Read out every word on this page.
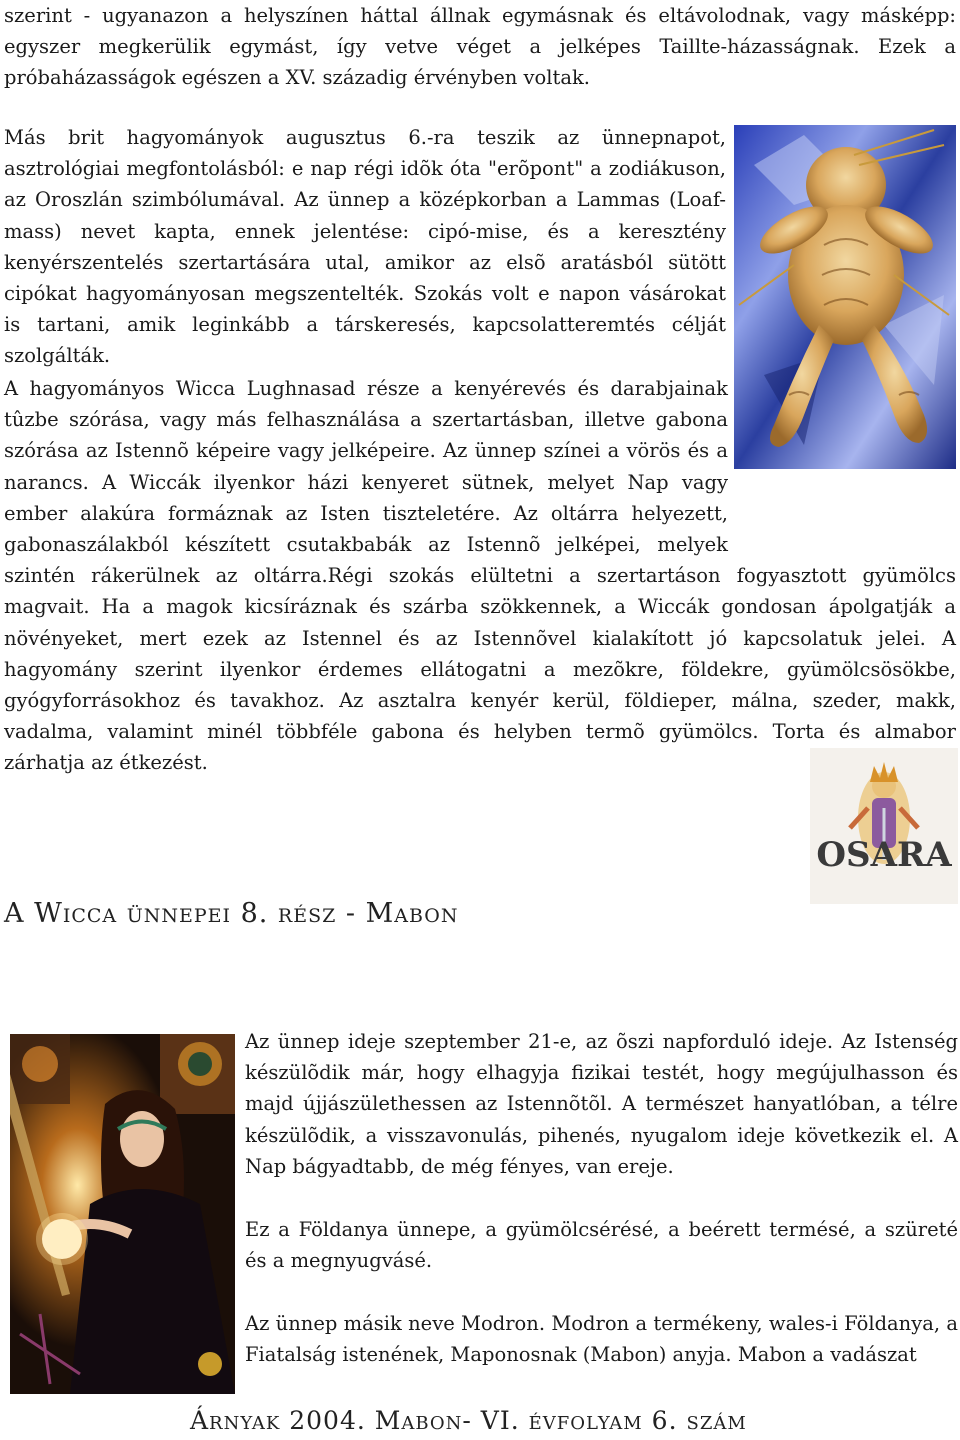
szerint - ugyanazon a helyszínen háttal állnak egymásnak és eltávolodnak, vagy másképp: egyszer megkerülik egymást, így vetve véget a jelképes Taillte-házasságnak. Ezek a próbaházasságok egészen a XV. századig érvényben voltak.

Más brit hagyományok augusztus 6.-ra teszik az ünnepnapot, asztrológiai megfontolásból: e nap régi idõk óta "erõpont" a zodiákuson, az Oroszlán szimbólumával. Az ünnep a középkorban a Lammas (Loaf-mass) nevet kapta, ennek jelentése: cipó-mise, és a keresztény kenyérszentelés szertartására utal, amikor az elsõ aratásból sütött cipókat hagyományosan megszentelték. Szokás volt e napon vásárokat is tartani, amik leginkább a társkeresés, kapcsolatteremtés célját szolgálták.

A hagyományos Wicca Lughnasad része a kenyérevés és darabjainak tûzbe szórása, vagy más felhasználása a szertartásban, illetve gabona szórása az Istennõ képeire vagy jelképeire. Az ünnep színei a vörös és a narancs. A Wiccák ilyenkor házi kenyeret sütnek, melyet Nap vagy ember alakúra formáznak az Isten tiszteletére. Az oltárra helyezett, gabonaszálakból készített csutakbabák az Istennõ jelképei, melyek szintén rákerülnek az oltárra.Régi szokás elültetni a szertartáson fogyasztott gyümölcs magvait. Ha a magok kicsíráznak és szárba szökkennek, a Wiccák gondosan ápolgatják a növényeket, mert ezek az Istennel és az Istennõvel kialakított jó kapcsolatuk jelei. A hagyomány szerint ilyenkor érdemes ellátogatni a mezõkre, földekre, gyümölcsösökbe, gyógyforrásokhoz és tavakhoz. Az asztalra kenyér kerül, földieper, málna, szeder, makk, vadalma, valamint minél többféle gabona és helyben termõ gyümölcs. Torta és almabor zárhatja az étkezést.
OSARA
A Wicca ünnepei 8. rész - Mabon

Az ünnep ideje szeptember 21-e, az õszi napforduló ideje. Az Istenség készülõdik már, hogy elhagyja fizikai testét, hogy megújulhasson és majd újjászülethessen az Istennõtõl. A természet hanyatlóban, a télre készülõdik, a visszavonulás, pihenés, nyugalom ideje következik el. A Nap bágyadtabb, de még fényes, van ereje.

Ez a Földanya ünnepe, a gyümölcsérésé, a beérett termésé, a szüreté és a megnyugvásé.

Az ünnep másik neve Modron. Modron a termékeny, wales-i Földanya, a Fiatalság istenének, Maponosnak (Mabon) anyja. Mabon a vadászat

Árnyak 2004. Mabon- VI. évfolyam 6. szám
